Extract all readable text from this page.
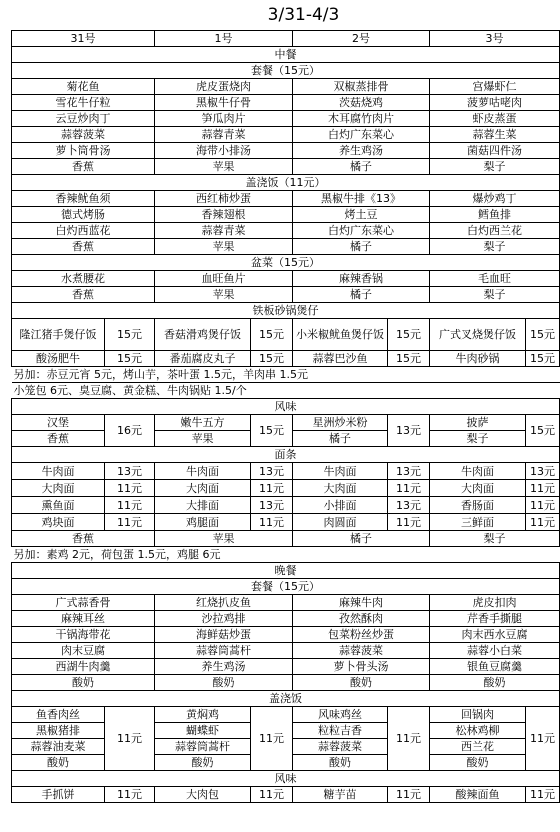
3/31-4/3
31号		1号		2号		3号	
中餐							
套餐（15元）							
菊花鱼		虎皮蛋烧肉		双椒蒸排骨		宫爆虾仁	
雪花牛仔粒		黑椒牛仔骨		茨菇烧鸡		菠萝咕咾肉	
云豆炒肉丁		笋瓜肉片		木耳腐竹肉片		虾皮蒸蛋	
蒜蓉菠菜		蒜蓉青菜		白灼广东菜心		蒜蓉生菜	
萝卜筒骨汤		海带小排汤		养生鸡汤		菌菇四件汤	
香蕉		苹果		橘子		梨子	
盖浇饭（11元）							
香辣鱿鱼须		西红柿炒蛋		黑椒牛排《13》		爆炒鸡丁	
德式烤肠		香辣翅根		烤土豆		鳕鱼排	
白灼西蓝花		蒜蓉青菜		白灼广东菜心		白灼西兰花	
香蕉		苹果		橘子		梨子	
盆菜（15元）							
水煮腰花		血旺鱼片		麻辣香锅		毛血旺	
香蕉		苹果		橘子		梨子	
铁板砂锅煲仔							
隆江猪手煲仔饭	15元	香菇滑鸡煲仔饭	15元	小米椒鱿鱼煲仔饭	15元	广式叉烧煲仔饭	15元
酸汤肥牛	15元	番茄腐皮丸子	15元	蒜蓉巴沙鱼	15元	牛肉砂锅	15元
另加：赤豆元宵 5元，烤山芋，茶叶蛋 1.5元，羊肉串 1.5元							
小笼包 6元、臭豆腐、黄金糕、牛肉锅贴 1.5/个							
风味							
汉堡	16元	嫩牛五方	15元	星洲炒米粉	13元	披萨	15元
香蕉		苹果		橘子		梨子	
面条							
牛肉面	13元	牛肉面	13元	牛肉面	13元	牛肉面	13元
大肉面	11元	大肉面	11元	大肉面	11元	大肉面	11元
熏鱼面	11元	大排面	13元	小排面	13元	香肠面	11元
鸡块面	11元	鸡腿面	11元	肉圆面	11元	三鲜面	11元
香蕉		苹果		橘子		梨子	
另加：素鸡 2元，荷包蛋 1.5元，鸡腿 6元							
晚餐							
套餐（15元）							
广式蒜香骨		红烧扒皮鱼		麻辣牛肉		虎皮扣肉	
麻辣耳丝		沙拉鸡排		孜然酥肉		芹香手撕腿	
干锅海带花		海鲜菇炒蛋		包菜粉丝炒蛋		肉末西水豆腐	
肉末豆腐		蒜蓉筒蒿杆		蒜蓉菠菜		蒜蓉小白菜	
西湖牛肉羹		养生鸡汤		萝卜骨头汤		银鱼豆腐羹	
酸奶		酸奶		酸奶		酸奶	
盖浇饭							
鱼香肉丝	11元	黄焖鸡	11元	风味鸡丝	11元	回锅肉	11元
黑椒猪排		蝴蝶虾		粒粒吉香		松林鸡柳	
蒜蓉油麦菜		蒜蓉筒蒿杆		蒜蓉菠菜		西兰花	
酸奶		酸奶		酸奶		酸奶	
风味							
手抓饼	11元	大肉包	11元	糖芋苗	11元	酸辣面鱼	11元
